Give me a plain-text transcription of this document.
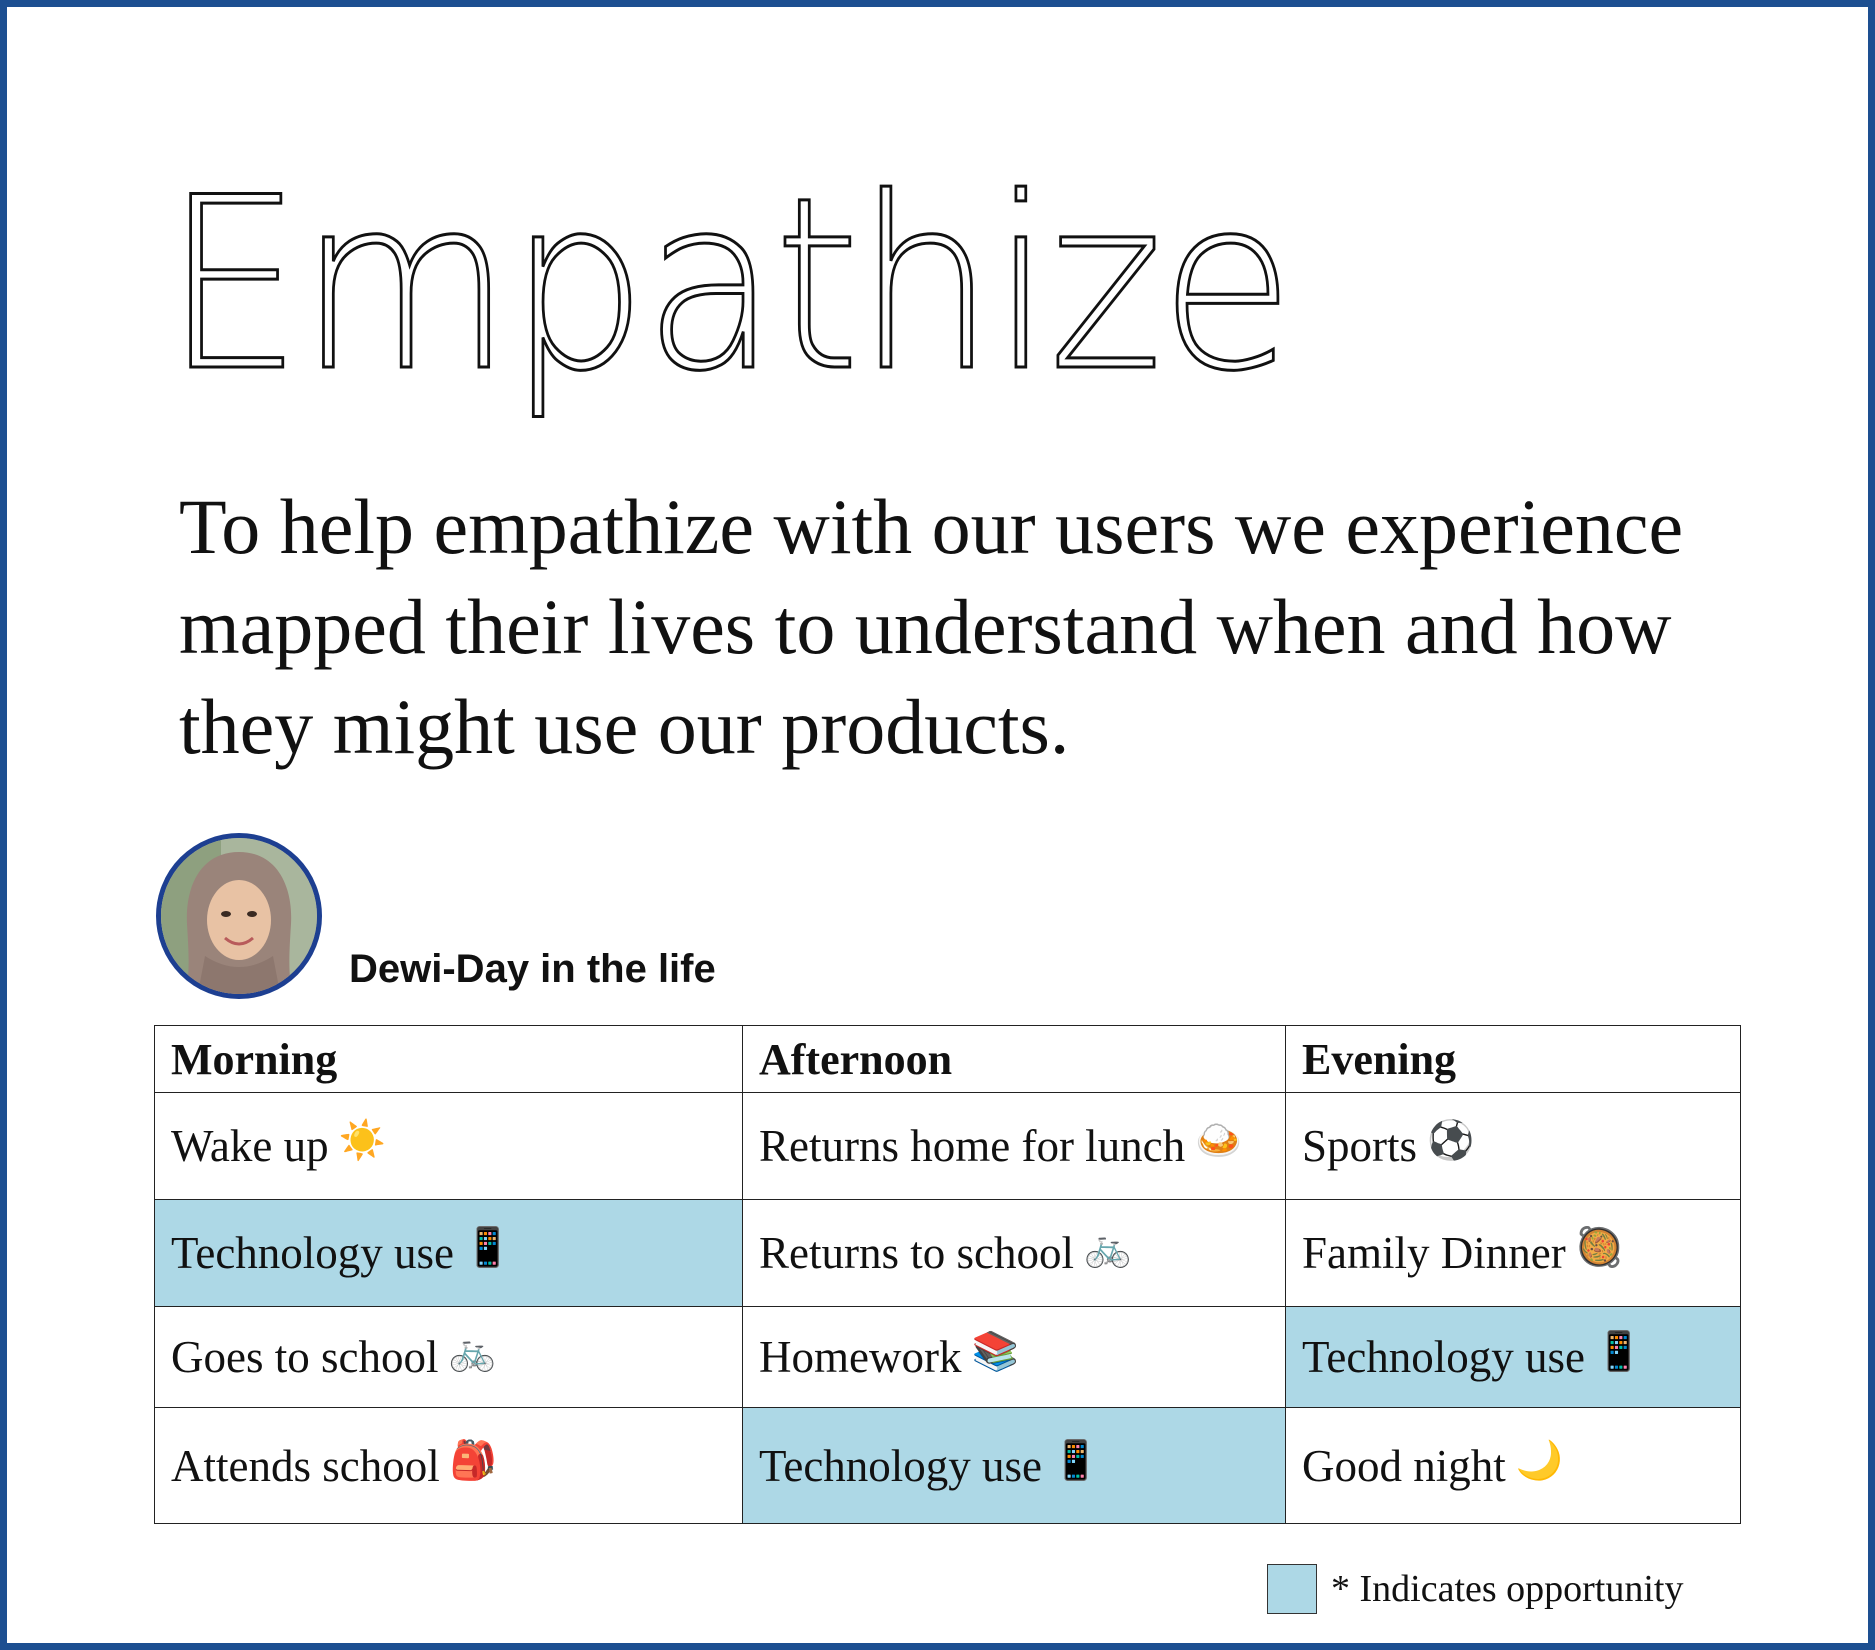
Empathize
To help empathize with our users we experience mapped their lives to understand when and how they might use our products.
Dewi-Day in the life
Morning	Afternoon	Evening
Wake up ☀️	Returns home for lunch 🍛	Sports ⚽
Technology use 📱	Returns to school 🚲	Family Dinner 🥘
Goes to school 🚲	Homework 📚	Technology use 📱
Attends school 🎒	Technology use 📱	Good night 🌙
* Indicates opportunity
